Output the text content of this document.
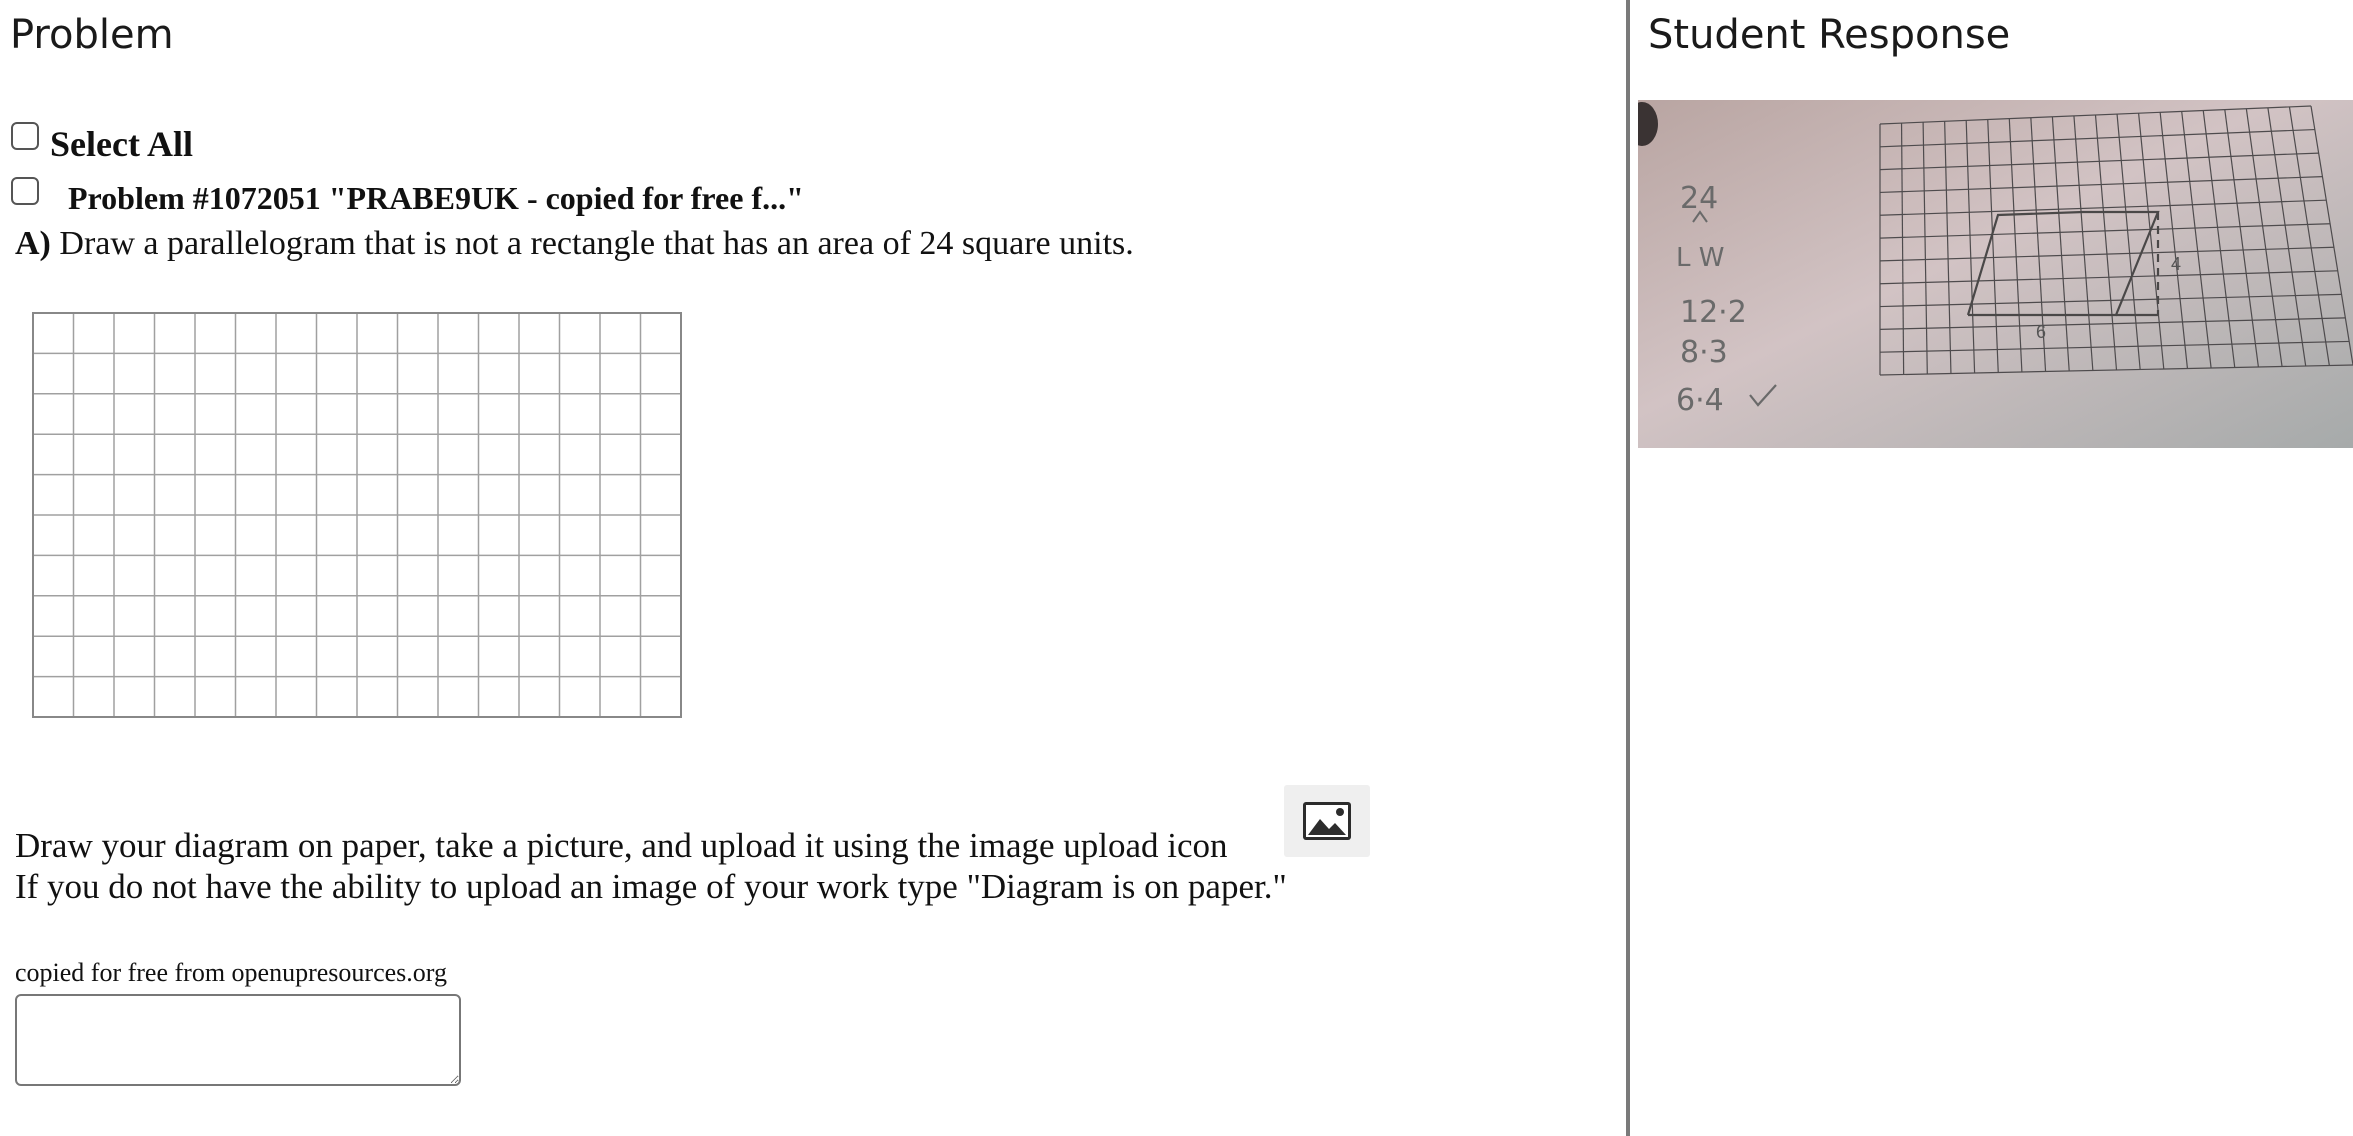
Problem
Select All
Problem #1072051 "PRABE9UK - copied for free f..."
A) Draw a parallelogram that is not a rectangle that has an area of 24 square units.
Draw your diagram on paper, take a picture, and upload it using the image upload icon
If you do not have the ability to upload an image of your work type "Diagram is on paper."
copied for free from openupresources.org
Student Response
6
4
24
L W
12·2
8·3
6·4
